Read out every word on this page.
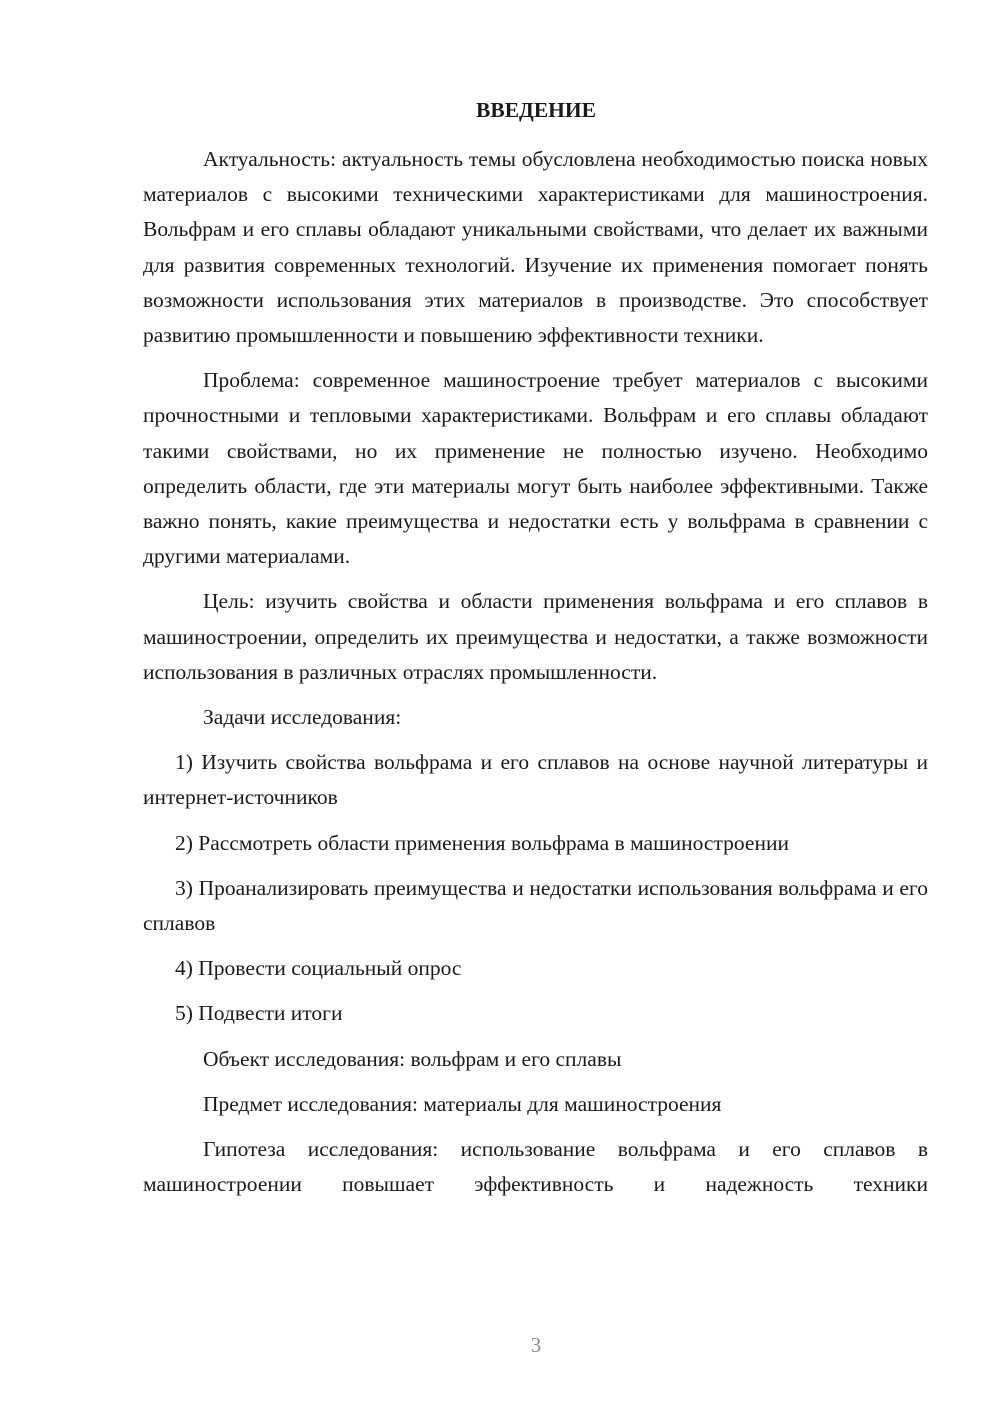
ВВЕДЕНИЕ

Актуальность: актуальность темы обусловлена необходимостью поиска новых материалов с высокими техническими характеристиками для машиностроения. Вольфрам и его сплавы обладают уникальными свойствами, что делает их важными для развития современных технологий. Изучение их применения помогает понять возможности использования этих материалов в производстве. Это способствует развитию промышленности и повышению эффективности техники.

Проблема: современное машиностроение требует материалов с высокими прочностными и тепловыми характеристиками. Вольфрам и его сплавы обладают такими свойствами, но их применение не полностью изучено. Необходимо определить области, где эти материалы могут быть наиболее эффективными. Также важно понять, какие преимущества и недостатки есть у вольфрама в сравнении с другими материалами.

Цель: изучить свойства и области применения вольфрама и его сплавов в машиностроении, определить их преимущества и недостатки, а также возможности использования в различных отраслях промышленности.

Задачи исследования:

1) Изучить свойства вольфрама и его сплавов на основе научной литературы и интернет-источников

2) Рассмотреть области применения вольфрама в машиностроении

3) Проанализировать преимущества и недостатки использования вольфрама и его сплавов

4) Провести социальный опрос

5) Подвести итоги

Объект исследования: вольфрам и его сплавы

Предмет исследования: материалы для машиностроения

Гипотеза исследования: использование вольфрама и его сплавов в машиностроении повышает эффективность и надежность техники

3
